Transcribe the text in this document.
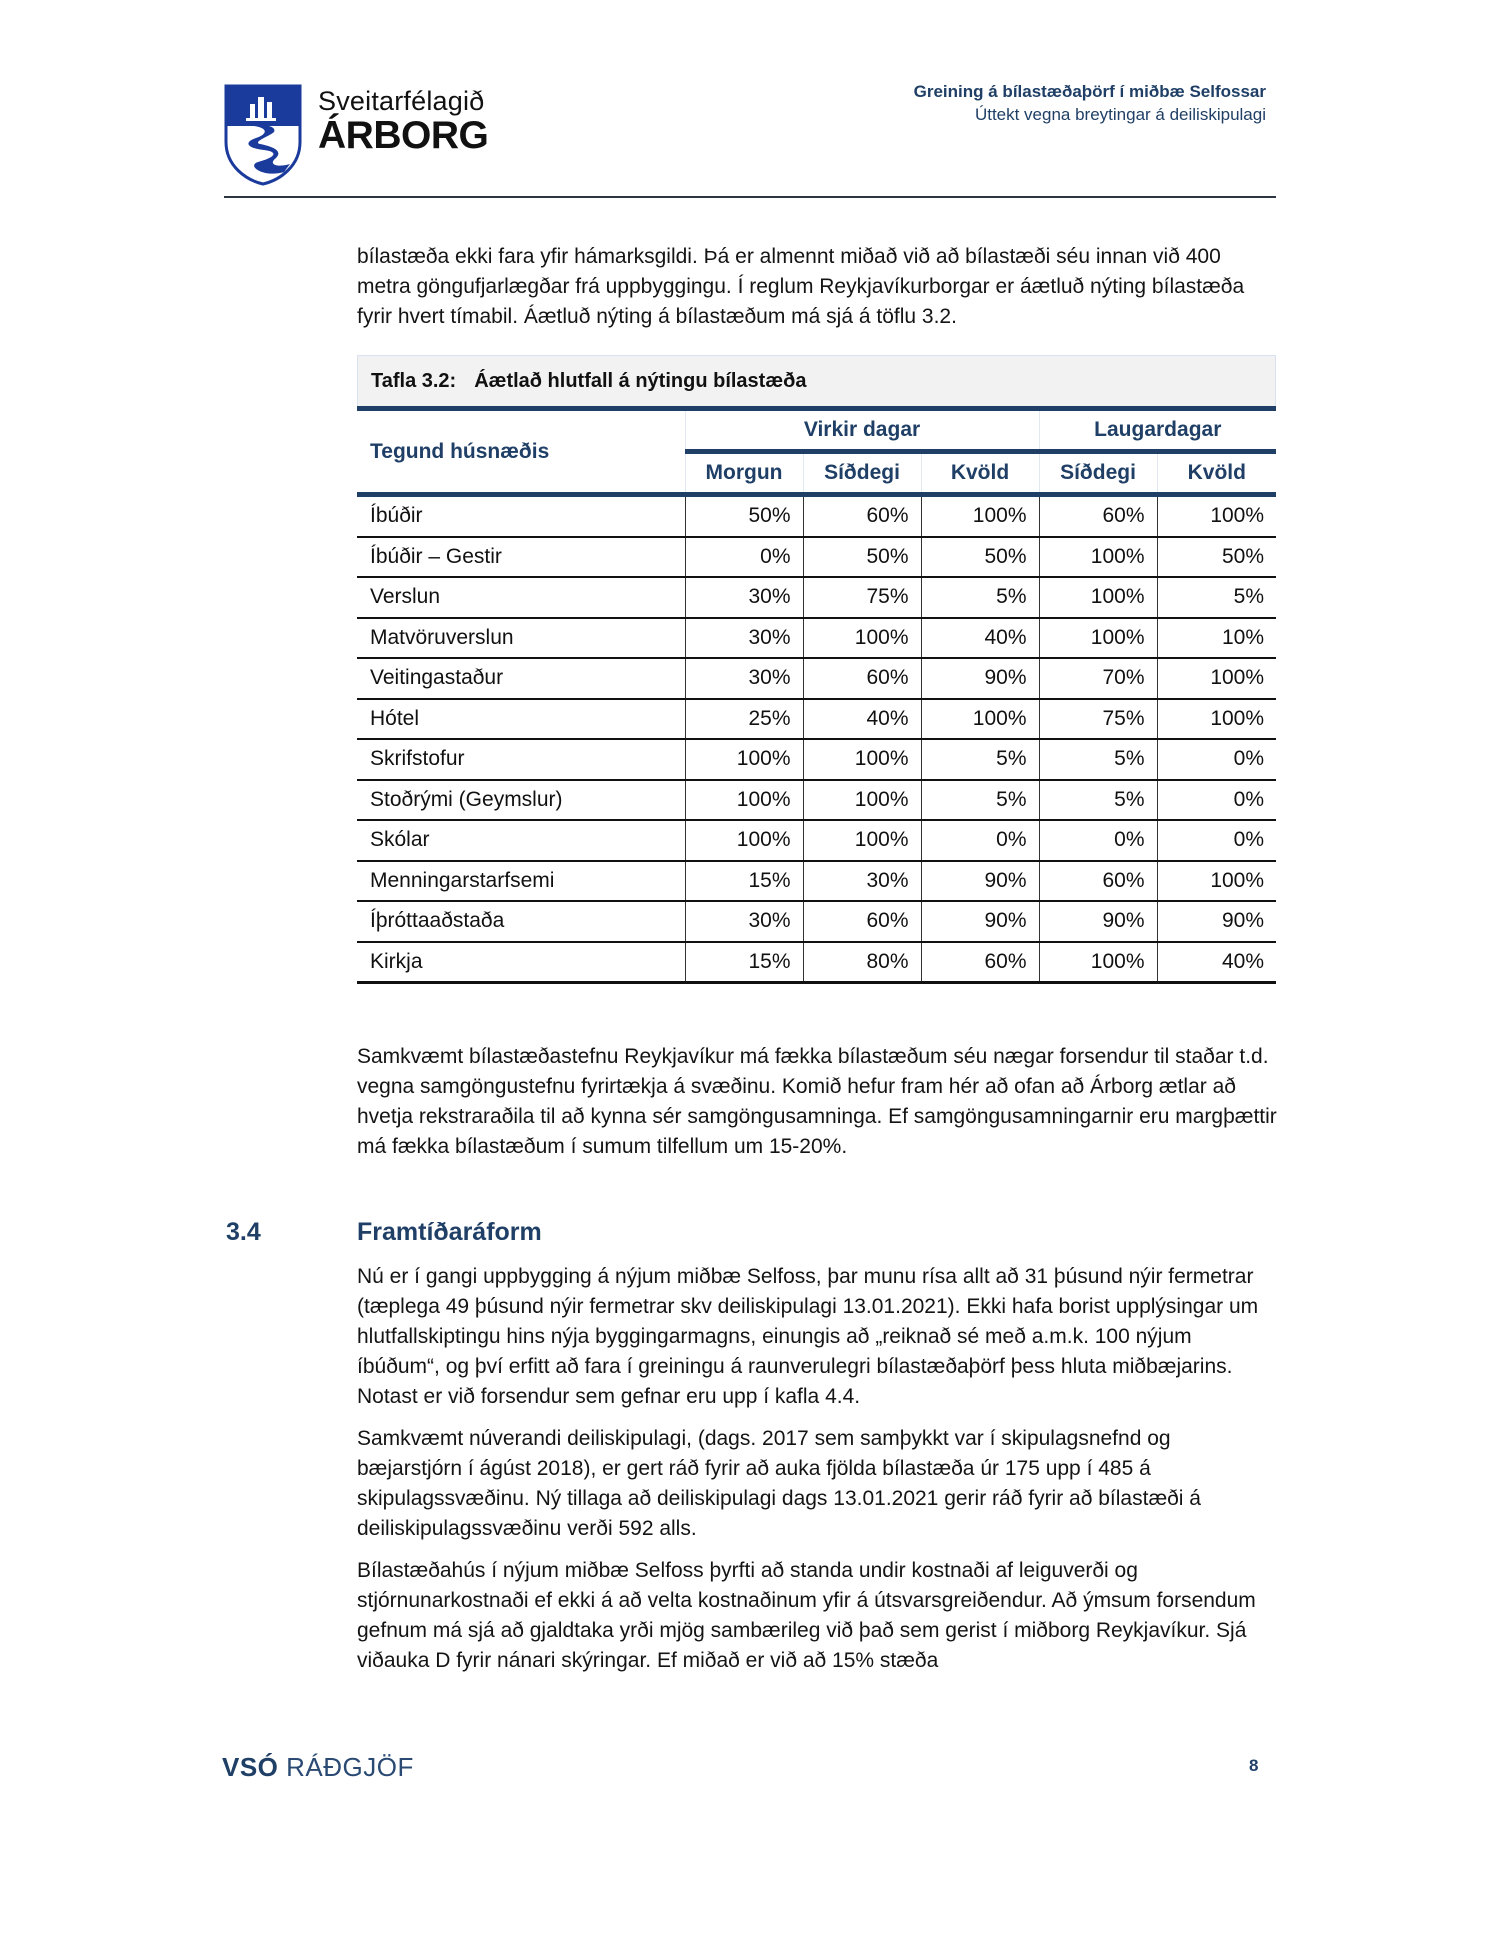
Sveitarfélagið
ÁRBORG
Greining á bílastæðaþörf í miðbæ Selfossar
Úttekt vegna breytingar á deiliskipulagi

bílastæða ekki fara yfir hámarksgildi. Þá er almennt miðað við að bílastæði séu innan við 400 metra göngufjarlægðar frá uppbyggingu. Í reglum Reykjavíkurborgar er áætluð nýting bílastæða fyrir hvert tímabil. Áætluð nýting á bílastæðum má sjá á töflu 3.2.

Tafla 3.2: Áætlað hlutfall á nýtingu bílastæða
Tegund húsnæðis	Virkir dagar			Laugardagar	
	Morgun	Síðdegi	Kvöld	Síðdegi	Kvöld
Íbúðir	50%	60%	100%	60%	100%
Íbúðir – Gestir	0%	50%	50%	100%	50%
Verslun	30%	75%	5%	100%	5%
Matvöruverslun	30%	100%	40%	100%	10%
Veitingastaður	30%	60%	90%	70%	100%
Hótel	25%	40%	100%	75%	100%
Skrifstofur	100%	100%	5%	5%	0%
Stoðrými (Geymslur)	100%	100%	5%	5%	0%
Skólar	100%	100%	0%	0%	0%
Menningarstarfsemi	15%	30%	90%	60%	100%
Íþróttaaðstaða	30%	60%	90%	90%	90%
Kirkja	15%	80%	60%	100%	40%

Samkvæmt bílastæðastefnu Reykjavíkur má fækka bílastæðum séu nægar forsendur til staðar t.d. vegna samgöngustefnu fyrirtækja á svæðinu. Komið hefur fram hér að ofan að Árborg ætlar að hvetja rekstraraðila til að kynna sér samgöngusamninga. Ef samgöngusamningarnir eru margþættir má fækka bílastæðum í sumum tilfellum um 15-20%.

3.4	Framtíðaráform

Nú er í gangi uppbygging á nýjum miðbæ Selfoss, þar munu rísa allt að 31 þúsund nýir fermetrar (tæplega 49 þúsund nýir fermetrar skv deiliskipulagi 13.01.2021). Ekki hafa borist upplýsingar um hlutfallskiptingu hins nýja byggingarmagns, einungis að „reiknað sé með a.m.k. 100 nýjum íbúðum“, og því erfitt að fara í greiningu á raunverulegri bílastæðaþörf þess hluta miðbæjarins. Notast er við forsendur sem gefnar eru upp í kafla 4.4.

Samkvæmt núverandi deiliskipulagi, (dags. 2017 sem samþykkt var í skipulagsnefnd og bæjarstjórn í ágúst 2018), er gert ráð fyrir að auka fjölda bílastæða úr 175 upp í 485 á skipulagssvæðinu. Ný tillaga að deiliskipulagi dags 13.01.2021 gerir ráð fyrir að bílastæði á deiliskipulagssvæðinu verði 592 alls.

Bílastæðahús í nýjum miðbæ Selfoss þyrfti að standa undir kostnaði af leiguverði og stjórnunarkostnaði ef ekki á að velta kostnaðinum yfir á útsvarsgreiðendur. Að ýmsum forsendum gefnum má sjá að gjaldtaka yrði mjög sambærileg við það sem gerist í miðborg Reykjavíkur. Sjá viðauka D fyrir nánari skýringar. Ef miðað er við að 15% stæða

VSÓ RÁÐGJÖF	8
